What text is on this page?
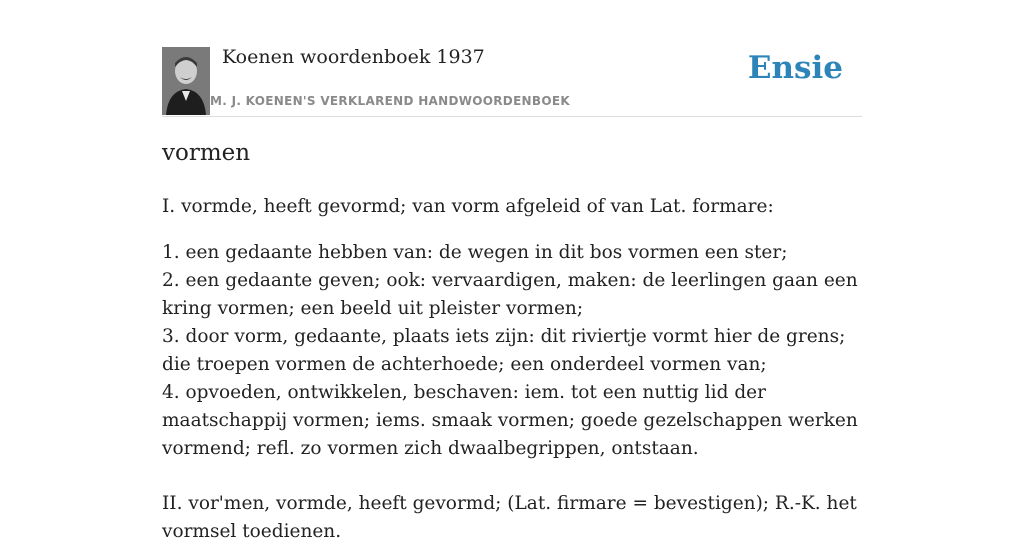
Koenen woordenboek 1937
M. J. KOENEN'S VERKLAREND HANDWOORDENBOEK
Ensie
vormen

I. vormde, heeft gevormd; van vorm afgeleid of van Lat. formare:

1. een gedaante hebben van: de wegen in dit bos vormen een ster;

2. een gedaante geven; ook: vervaardigen, maken: de leerlingen gaan een kring vormen; een beeld uit pleister vormen;

3. door vorm, gedaante, plaats iets zijn: dit riviertje vormt hier de grens; die troepen vormen de achterhoede; een onderdeel vormen van;

4. opvoeden, ontwikkelen, beschaven: iem. tot een nuttig lid der maatschappij vormen; iems. smaak vormen; goede gezelschappen werken vormend; refl. zo vormen zich dwaalbegrippen, ontstaan.

II. vor'men, vormde, heeft gevormd; (Lat. firmare = bevestigen); R.-K. het vormsel toedienen.
